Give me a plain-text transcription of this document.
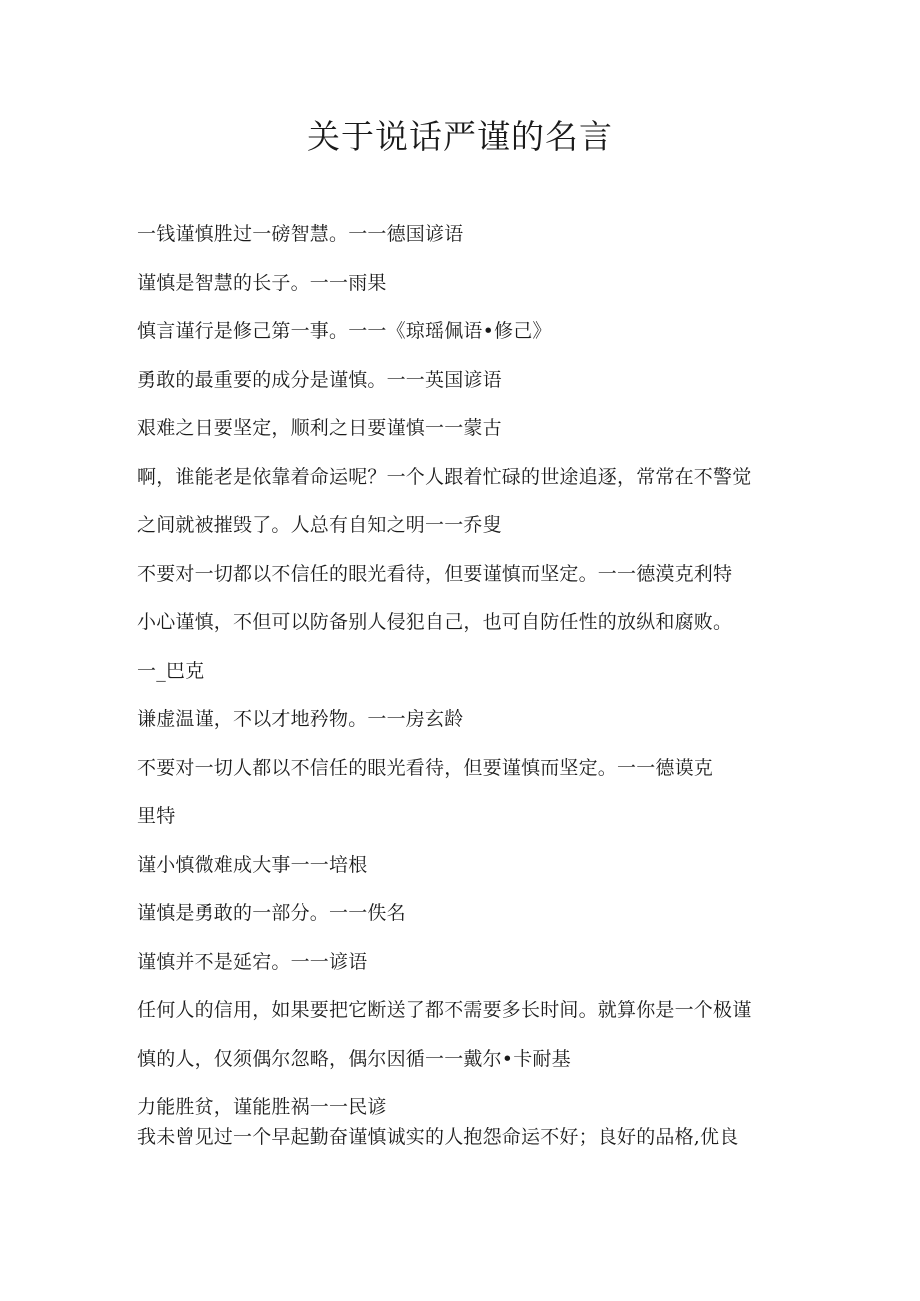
关于说话严谨的名言
一钱谨慎胜过一磅智慧。一一德国谚语
谨慎是智慧的长子。一一雨果
慎言谨行是修己第一事。一一《琼瑶佩语•修己》
勇敢的最重要的成分是谨慎。一一英国谚语
艰难之日要坚定，顺利之日要谨慎一一蒙古
啊，谁能老是依靠着命运呢？一个人跟着忙碌的世途追逐，常常在不警觉
之间就被摧毁了。人总有自知之明一一乔叟
不要对一切都以不信任的眼光看待，但要谨慎而坚定。一一德漠克利特
小心谨慎，不但可以防备别人侵犯自己，也可自防任性的放纵和腐败。
一_巴克
谦虚温谨，不以才地矜物。一一房玄龄
不要对一切人都以不信任的眼光看待，但要谨慎而坚定。一一德谟克
里特
谨小慎微难成大事一一培根
谨慎是勇敢的一部分。一一佚名
谨慎并不是延宕。一一谚语
任何人的信用，如果要把它断送了都不需要多长时间。就算你是一个极谨
慎的人，仅须偶尔忽略，偶尔因循一一戴尔•卡耐基
力能胜贫，谨能胜祸一一民谚
我未曾见过一个早起勤奋谨慎诚实的人抱怨命运不好；良好的品格,优良
